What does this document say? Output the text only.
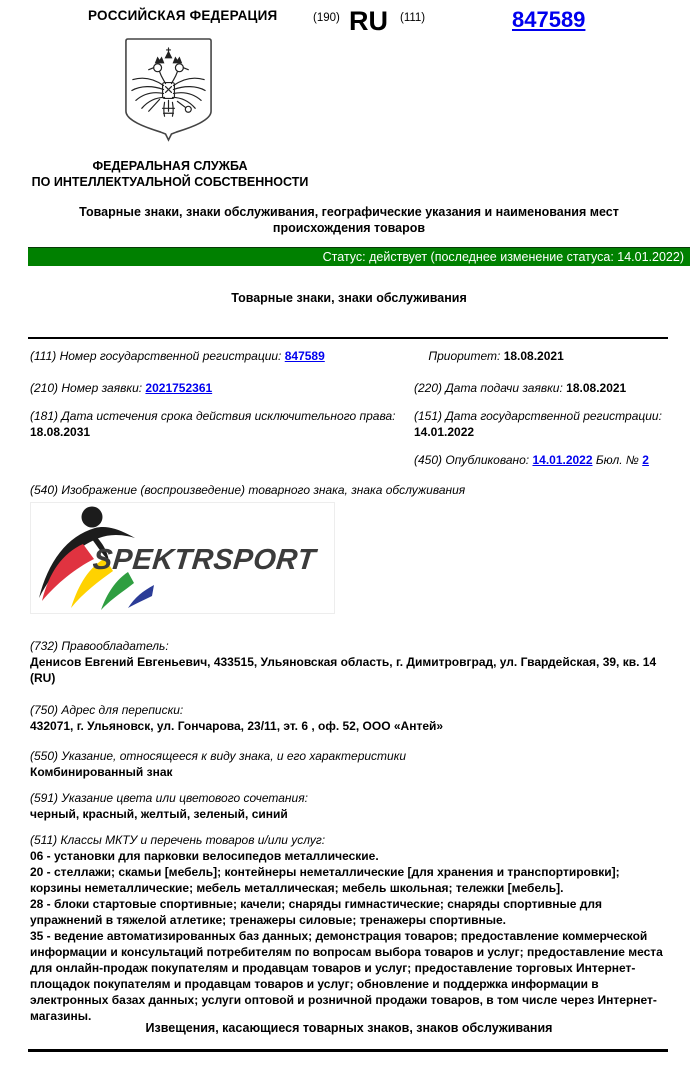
РОССИЙСКАЯ ФЕДЕРАЦИЯ	(190) RU (111)	847589
ФЕДЕРАЛЬНАЯ СЛУЖБА
ПО ИНТЕЛЛЕКТУАЛЬНОЙ СОБСТВЕННОСТИ
Товарные знаки, знаки обслуживания, географические указания и наименования мест происхождения товаров
Статус: действует (последнее изменение статуса: 14.01.2022)
Товарные знаки, знаки обслуживания
(111) Номер государственной регистрации: 847589	Приоритет: 18.08.2021
(210) Номер заявки: 2021752361	(220) Дата подачи заявки: 18.08.2021
(181) Дата истечения срока действия исключительного права:
18.08.2031
(151) Дата государственной регистрации:
14.01.2022
(450) Опубликовано: 14.01.2022 Бюл. № 2
(540) Изображение (воспроизведение) товарного знака, знака обслуживания
SPEKTRSPORT
(732) Правообладатель:
Денисов Евгений Евгеньевич, 433515, Ульяновская область, г. Димитровград, ул. Гвардейская, 39, кв. 14
(RU)
(750) Адрес для переписки:
432071, г. Ульяновск, ул. Гончарова, 23/11, эт. 6 , оф. 52, ООО «Антей»
(550) Указание, относящееся к виду знака, и его характеристики
Комбинированный знак
(591) Указание цвета или цветового сочетания:
черный, красный, желтый, зеленый, синий
(511) Классы МКТУ и перечень товаров и/или услуг:

06 - установки для парковки велосипедов металлические.

20 - стеллажи; скамьи [мебель]; контейнеры неметаллические [для хранения и транспортировки]; корзины неметаллические; мебель металлическая; мебель школьная; тележки [мебель].

28 - блоки стартовые спортивные; качели; снаряды гимнастические; снаряды спортивные для упражнений в тяжелой атлетике; тренажеры силовые; тренажеры спортивные.

35 - ведение автоматизированных баз данных; демонстрация товаров; предоставление коммерческой информации и консультаций потребителям по вопросам выбора товаров и услуг; предоставление места для онлайн-продаж покупателям и продавцам товаров и услуг; предоставление торговых Интернет-площадок покупателям и продавцам товаров и услуг; обновление и поддержка информации в электронных базах данных; услуги оптовой и розничной продажи товаров, в том числе через Интернет-магазины.

Извещения, касающиеся товарных знаков, знаков обслуживания
